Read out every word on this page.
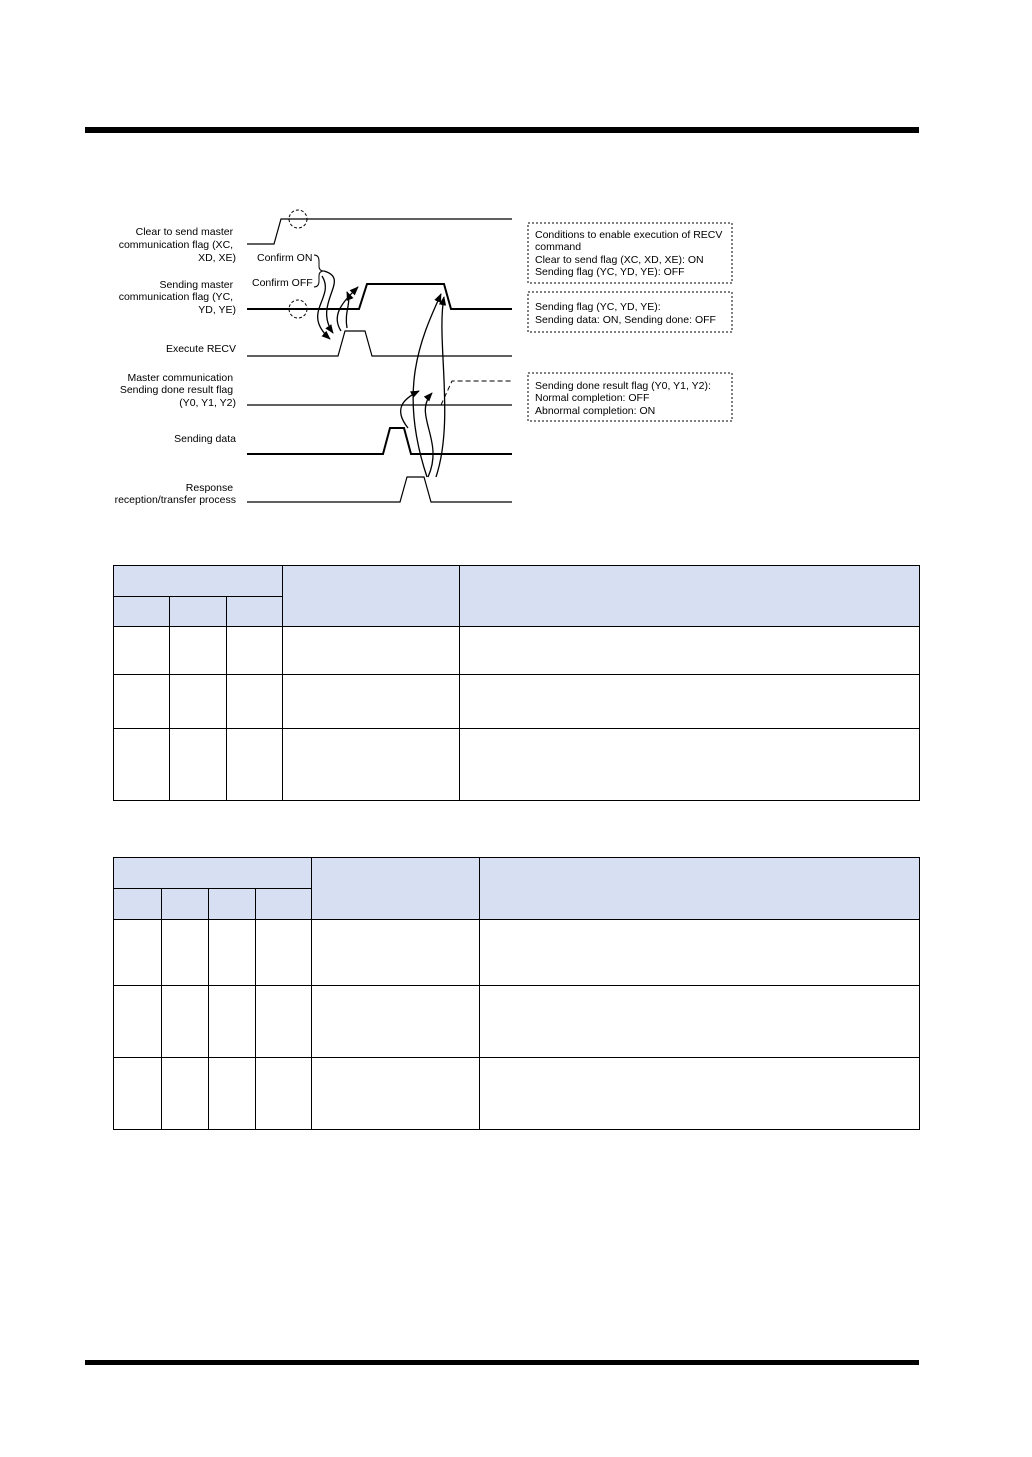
Clear to send master communication flag (XC, XD, XE)
Sending master communication flag (YC, YD, YE)
Execute RECV
Master communication Sending done result flag (Y0, Y1, Y2)
Sending data
Response reception/transfer process
Confirm ON
Confirm OFF
Conditions to enable execution of RECV command Clear to send flag (XC, XD, XE): ON Sending flag (YC, YD, YE): OFF
Sending flag (YC, YD, YE): Sending data: ON, Sending done: OFF
Sending done result flag (Y0, Y1, Y2): Normal completion: OFF Abnormal completion: ON
